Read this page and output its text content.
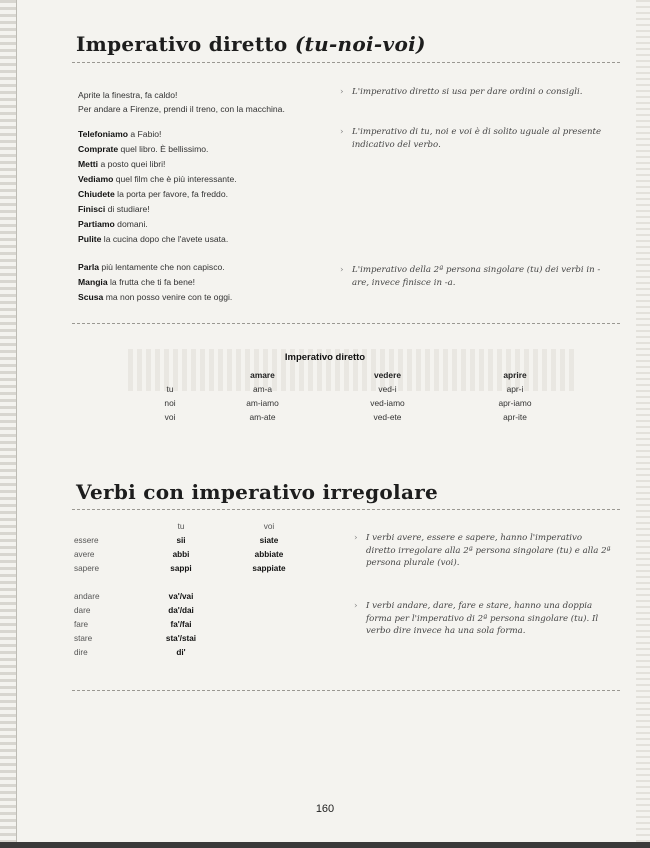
Imperativo diretto (tu-noi-voi)
Aprite la finestra, fa caldo!
Per andare a Firenze, prendi il treno, con la macchina.
Telefoniamo a Fabio!
Comprate quel libro. È bellissimo.
Metti a posto quei libri!
Vediamo quel film che è più interessante.
Chiudete la porta per favore, fa freddo.
Finisci di studiare!
Partiamo domani.
Pulite la cucina dopo che l'avete usata.
Parla più lentamente che non capisco.
Mangia la frutta che ti fa bene!
Scusa ma non posso venire con te oggi.
› L'imperativo diretto si usa per dare ordini o consigli.
› L'imperativo di tu, noi e voi è di solito uguale al presente indicativo del verbo.
› L'imperativo della 2ª persona singolare (tu) dei verbi in -are, invece finisce in -a.
Imperativo diretto
	amare	vedere	aprire
tu	am-a	ved-i	apr-i
noi	am-iamo	ved-iamo	apr-iamo
voi	am-ate	ved-ete	apr-ite
Verbi con imperativo irregolare
	tu	voi
essere	sii	siate
avere	abbi	abbiate
sapere	sappi	sappiate

andare	va'/vai	
dare	da'/dai	
fare	fa'/fai	
stare	sta'/stai	
dire	di'	
› I verbi avere, essere e sapere, hanno l'imperativo diretto irregolare alla 2ª persona singolare (tu) e alla 2ª persona plurale (voi).
› I verbi andare, dare, fare e stare, hanno una doppia forma per l'imperativo di 2ª persona singolare (tu). Il verbo dire invece ha una sola forma.
160
